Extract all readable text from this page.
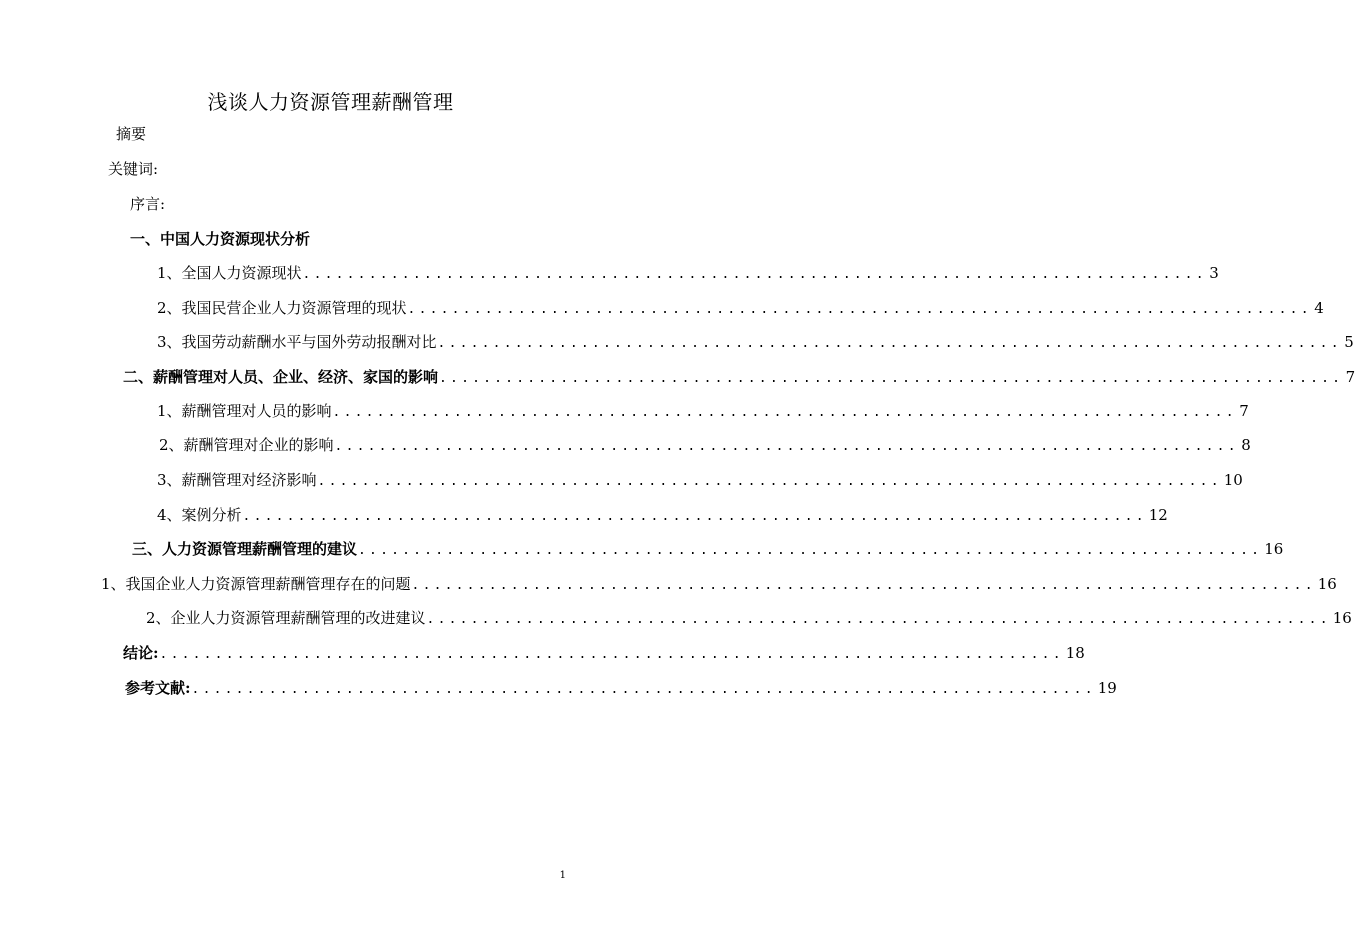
浅谈人力资源管理薪酬管理
摘要
关键词:
序言:
一、中国人力资源现状分析
1、全国人力资源现状 .................................................................................. 3
2、我国民营企业人力资源管理的现状 .................................................................................. 4
3、我国劳动薪酬水平与国外劳动报酬对比 .................................................................................. 5
二、薪酬管理对人员、企业、经济、家国的影响 .................................................................................. 7
1、薪酬管理对人员的影响 .................................................................................. 7
2、薪酬管理对企业的影响 .................................................................................. 8
3、薪酬管理对经济影响 .................................................................................. 10
4、案例分析 .................................................................................. 12
三、人力资源管理薪酬管理的建议 .................................................................................. 16
1、我国企业人力资源管理薪酬管理存在的问题 .................................................................................. 16
2、企业人力资源管理薪酬管理的改进建议 .................................................................................. 16
结论: .................................................................................. 18
参考文献: .................................................................................. 19
1
